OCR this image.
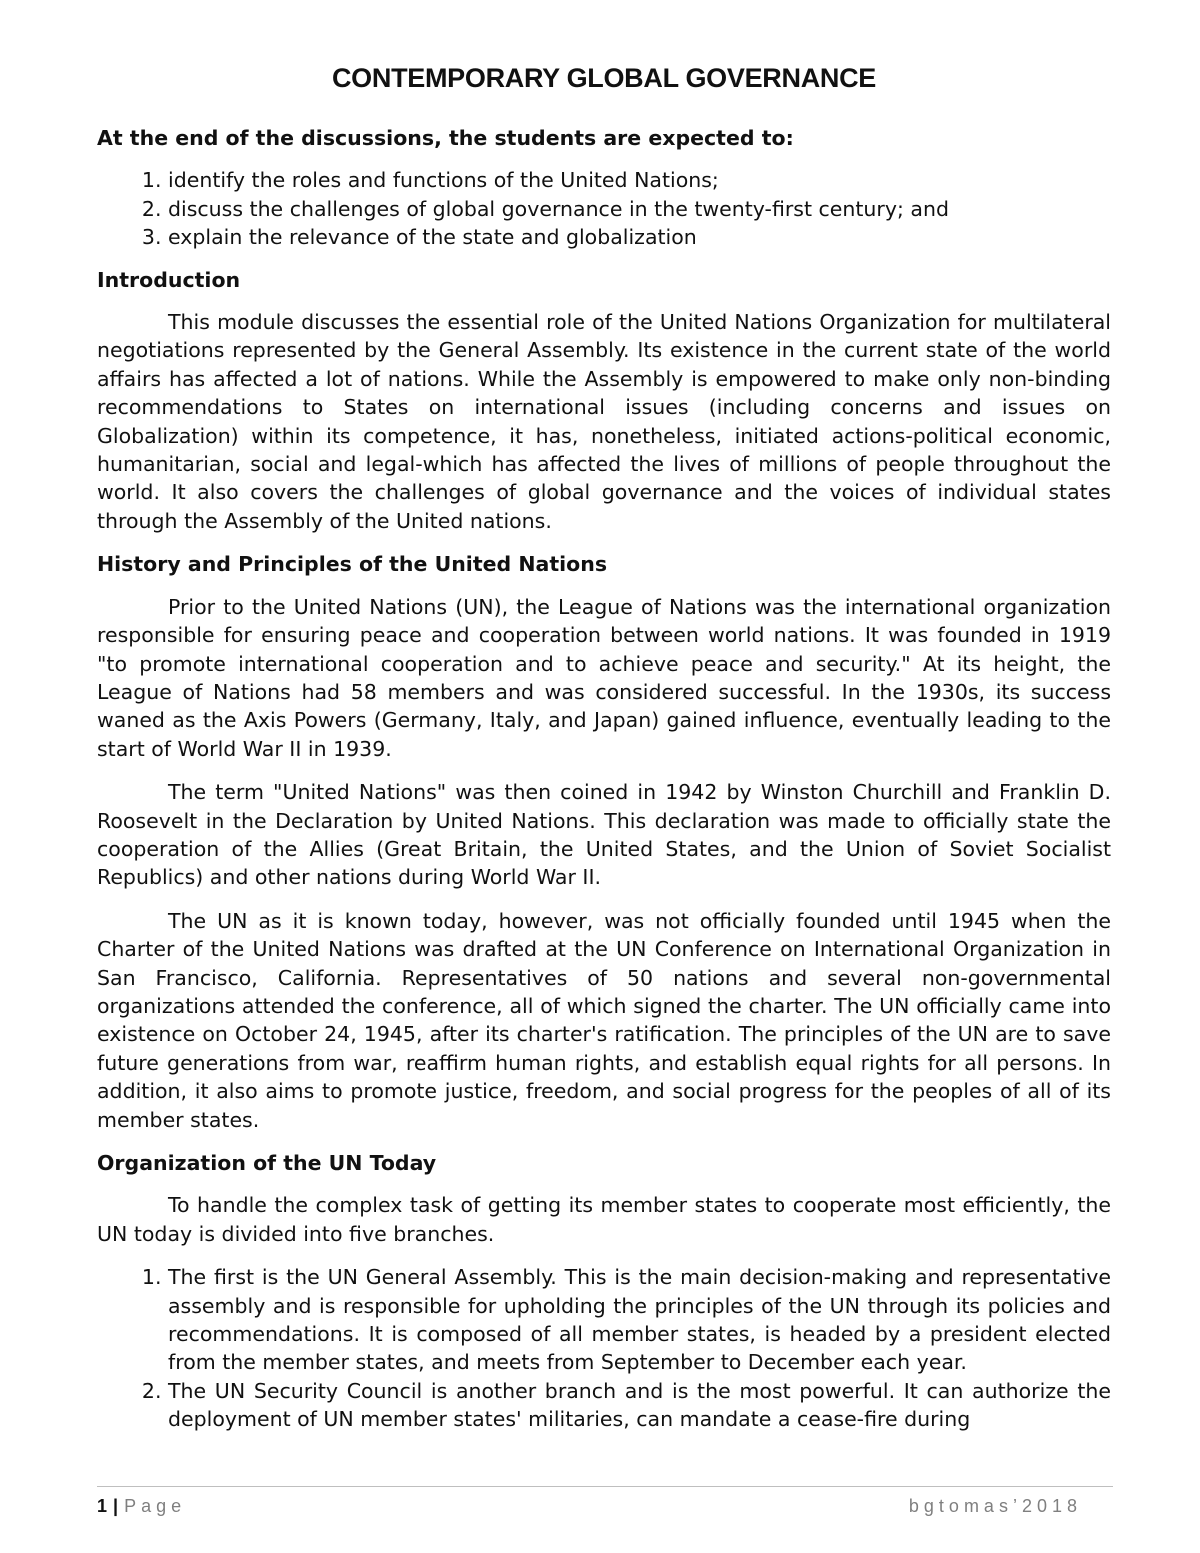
CONTEMPORARY GLOBAL GOVERNANCE
At the end of the discussions, the students are expected to:
1. identify the roles and functions of the United Nations;
2. discuss the challenges of global governance in the twenty-first century; and
3. explain the relevance of the state and globalization
Introduction

This module discusses the essential role of the United Nations Organization for multilateral negotiations represented by the General Assembly. Its existence in the current state of the world affairs has affected a lot of nations. While the Assembly is empowered to make only non-binding recommendations to States on international issues (including concerns and issues on Globalization) within its competence, it has, nonetheless, initiated actions-political economic, humanitarian, social and legal-which has affected the lives of millions of people throughout the world. It also covers the challenges of global governance and the voices of individual states through the Assembly of the United nations.

History and Principles of the United Nations

Prior to the United Nations (UN), the League of Nations was the international organization responsible for ensuring peace and cooperation between world nations. It was founded in 1919 "to promote international cooperation and to achieve peace and security." At its height, the League of Nations had 58 members and was considered successful. In the 1930s, its success waned as the Axis Powers (Germany, Italy, and Japan) gained influence, eventually leading to the start of World War II in 1939.

The term "United Nations" was then coined in 1942 by Winston Churchill and Franklin D. Roosevelt in the Declaration by United Nations. This declaration was made to officially state the cooperation of the Allies (Great Britain, the United States, and the Union of Soviet Socialist Republics) and other nations during World War II.

The UN as it is known today, however, was not officially founded until 1945 when the Charter of the United Nations was drafted at the UN Conference on International Organization in San Francisco, California. Representatives of 50 nations and several non-governmental organizations attended the conference, all of which signed the charter. The UN officially came into existence on October 24, 1945, after its charter's ratification. The principles of the UN are to save future generations from war, reaffirm human rights, and establish equal rights for all persons. In addition, it also aims to promote justice, freedom, and social progress for the peoples of all of its member states.

Organization of the UN Today

To handle the complex task of getting its member states to cooperate most efficiently, the UN today is divided into five branches.

1. The first is the UN General Assembly. This is the main decision-making and representative assembly and is responsible for upholding the principles of the UN through its policies and recommendations. It is composed of all member states, is headed by a president elected from the member states, and meets from September to December each year.
2. The UN Security Council is another branch and is the most powerful. It can authorize the deployment of UN member states' militaries, can mandate a cease-fire during
1 | Page	bgtomas’2018
